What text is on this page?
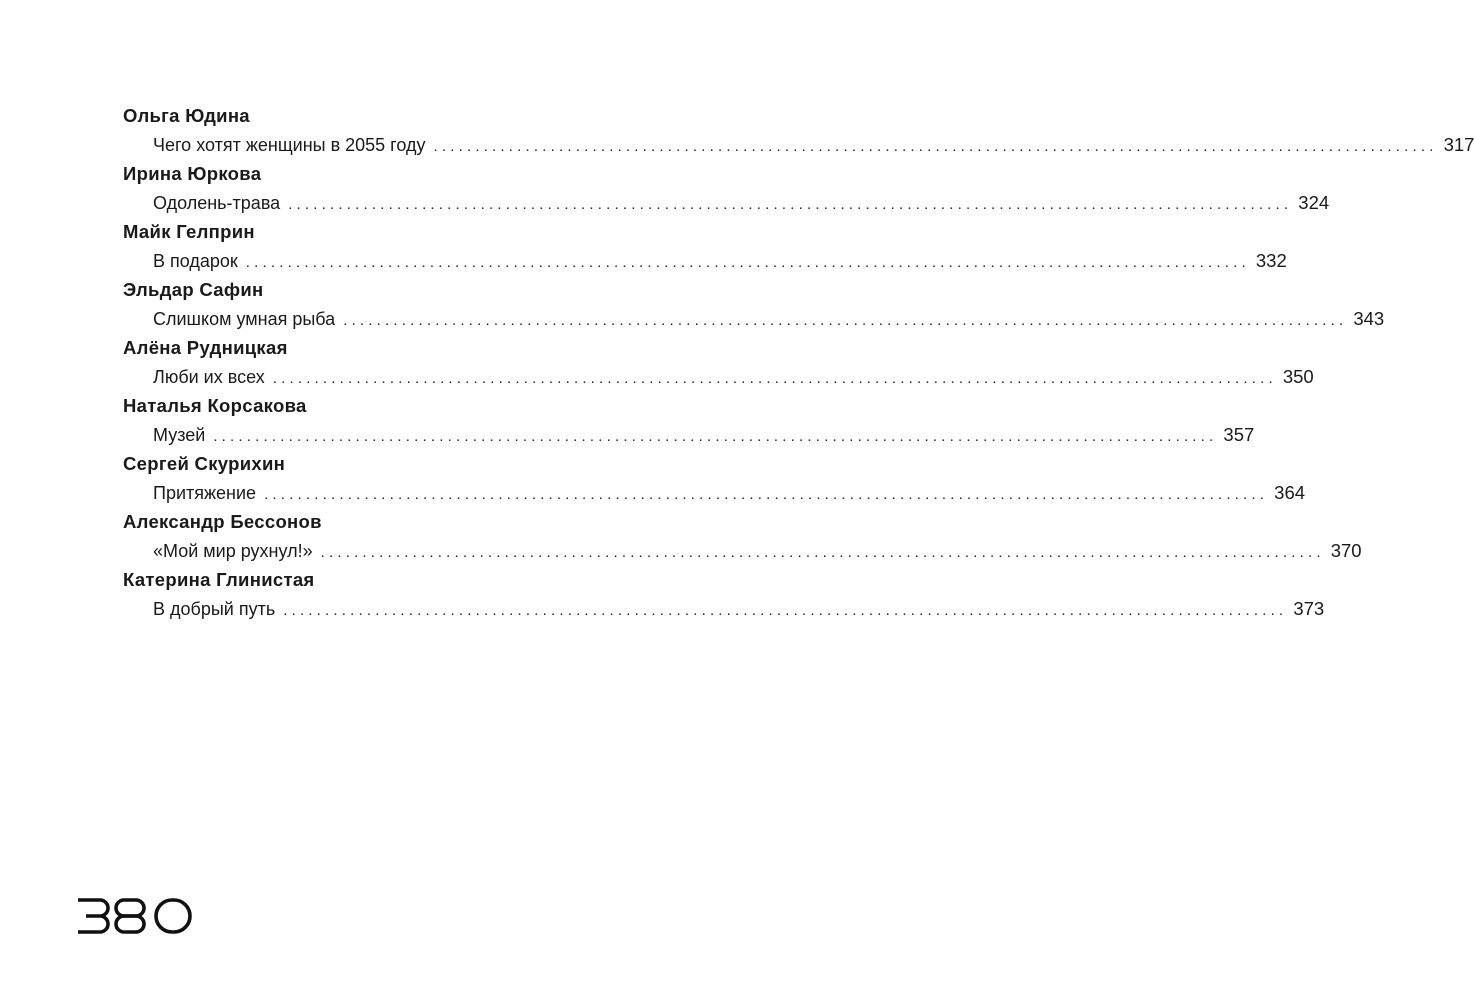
Ольга Юдина
Чего хотят женщины в 2055 году ........................................................................................................................ 317
Ирина Юркова
Одолень-трава ........................................................................................................................ 324
Майк Гелприн
В подарок ........................................................................................................................ 332
Эльдар Сафин
Слишком умная рыба ........................................................................................................................ 343
Алёна Рудницкая
Люби их всех ........................................................................................................................ 350
Наталья Корсакова
Музей ........................................................................................................................ 357
Сергей Скурихин
Притяжение ........................................................................................................................ 364
Александр Бессонов
«Мой мир рухнул!» ........................................................................................................................ 370
Катерина Глинистая
В добрый путь ........................................................................................................................ 373
